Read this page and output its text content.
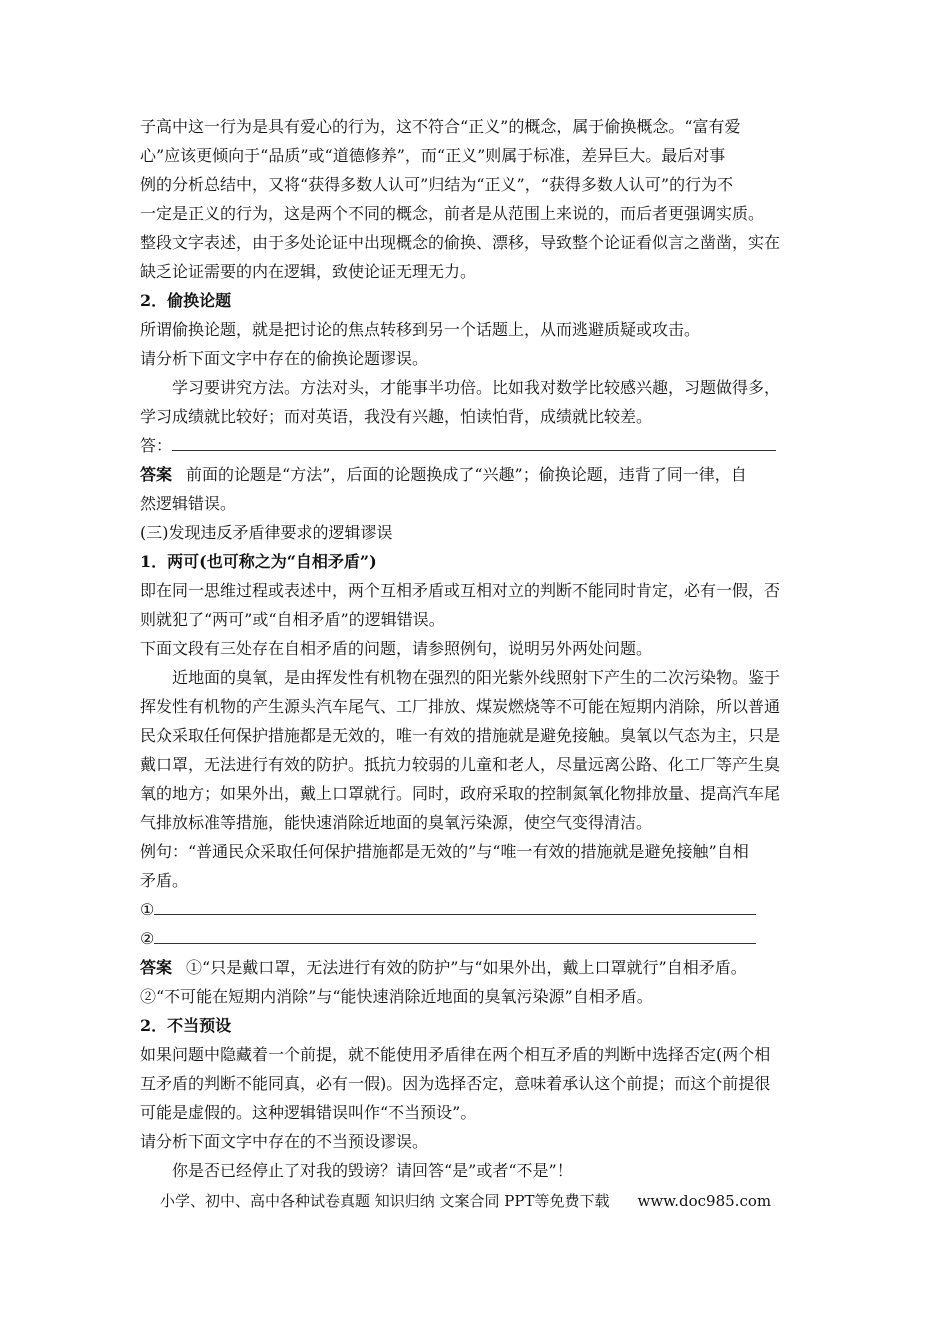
子高中这一行为是具有爱心的行为，这不符合“正义”的概念，属于偷换概念。“富有爱
心”应该更倾向于“品质”或“道德修养”，而“正义”则属于标准，差异巨大。最后对事
例的分析总结中，又将“获得多数人认可”归结为“正义”，“获得多数人认可”的行为不
一定是正义的行为，这是两个不同的概念，前者是从范围上来说的，而后者更强调实质。
整段文字表述，由于多处论证中出现概念的偷换、漂移，导致整个论证看似言之凿凿，实在
缺乏论证需要的内在逻辑，致使论证无理无力。
2．偷换论题
所谓偷换论题，就是把讨论的焦点转移到另一个话题上，从而逃避质疑或攻击。
请分析下面文字中存在的偷换论题谬误。
学习要讲究方法。方法对头，才能事半功倍。比如我对数学比较感兴趣，习题做得多，
学习成绩就比较好；而对英语，我没有兴趣，怕读怕背，成绩就比较差。
答：
答案 前面的论题是“方法”，后面的论题换成了“兴趣”；偷换论题，违背了同一律，自
然逻辑错误。
(三)发现违反矛盾律要求的逻辑谬误
1．两可(也可称之为“自相矛盾”)
即在同一思维过程或表述中，两个互相矛盾或互相对立的判断不能同时肯定，必有一假，否
则就犯了“两可”或“自相矛盾”的逻辑错误。
下面文段有三处存在自相矛盾的问题，请参照例句，说明另外两处问题。
近地面的臭氧，是由挥发性有机物在强烈的阳光紫外线照射下产生的二次污染物。鉴于
挥发性有机物的产生源头汽车尾气、工厂排放、煤炭燃烧等不可能在短期内消除，所以普通
民众采取任何保护措施都是无效的，唯一有效的措施就是避免接触。臭氧以气态为主，只是
戴口罩，无法进行有效的防护。抵抗力较弱的儿童和老人，尽量远离公路、化工厂等产生臭
氧的地方；如果外出，戴上口罩就行。同时，政府采取的控制氮氧化物排放量、提高汽车尾
气排放标准等措施，能快速消除近地面的臭氧污染源，使空气变得清洁。
例句：“普通民众采取任何保护措施都是无效的”与“唯一有效的措施就是避免接触”自相
矛盾。
①
②
答案 ①“只是戴口罩，无法进行有效的防护”与“如果外出，戴上口罩就行”自相矛盾。
②“不可能在短期内消除”与“能快速消除近地面的臭氧污染源”自相矛盾。
2．不当预设
如果问题中隐藏着一个前提，就不能使用矛盾律在两个相互矛盾的判断中选择否定(两个相
互矛盾的判断不能同真，必有一假)。因为选择否定，意味着承认这个前提；而这个前提很
可能是虚假的。这种逻辑错误叫作“不当预设”。
请分析下面文字中存在的不当预设谬误。
你是否已经停止了对我的毁谤？请回答“是”或者“不是”！
小学、初中、高中各种试卷真题 知识归纳 文案合同 PPT等免费下载 www.doc985.com
